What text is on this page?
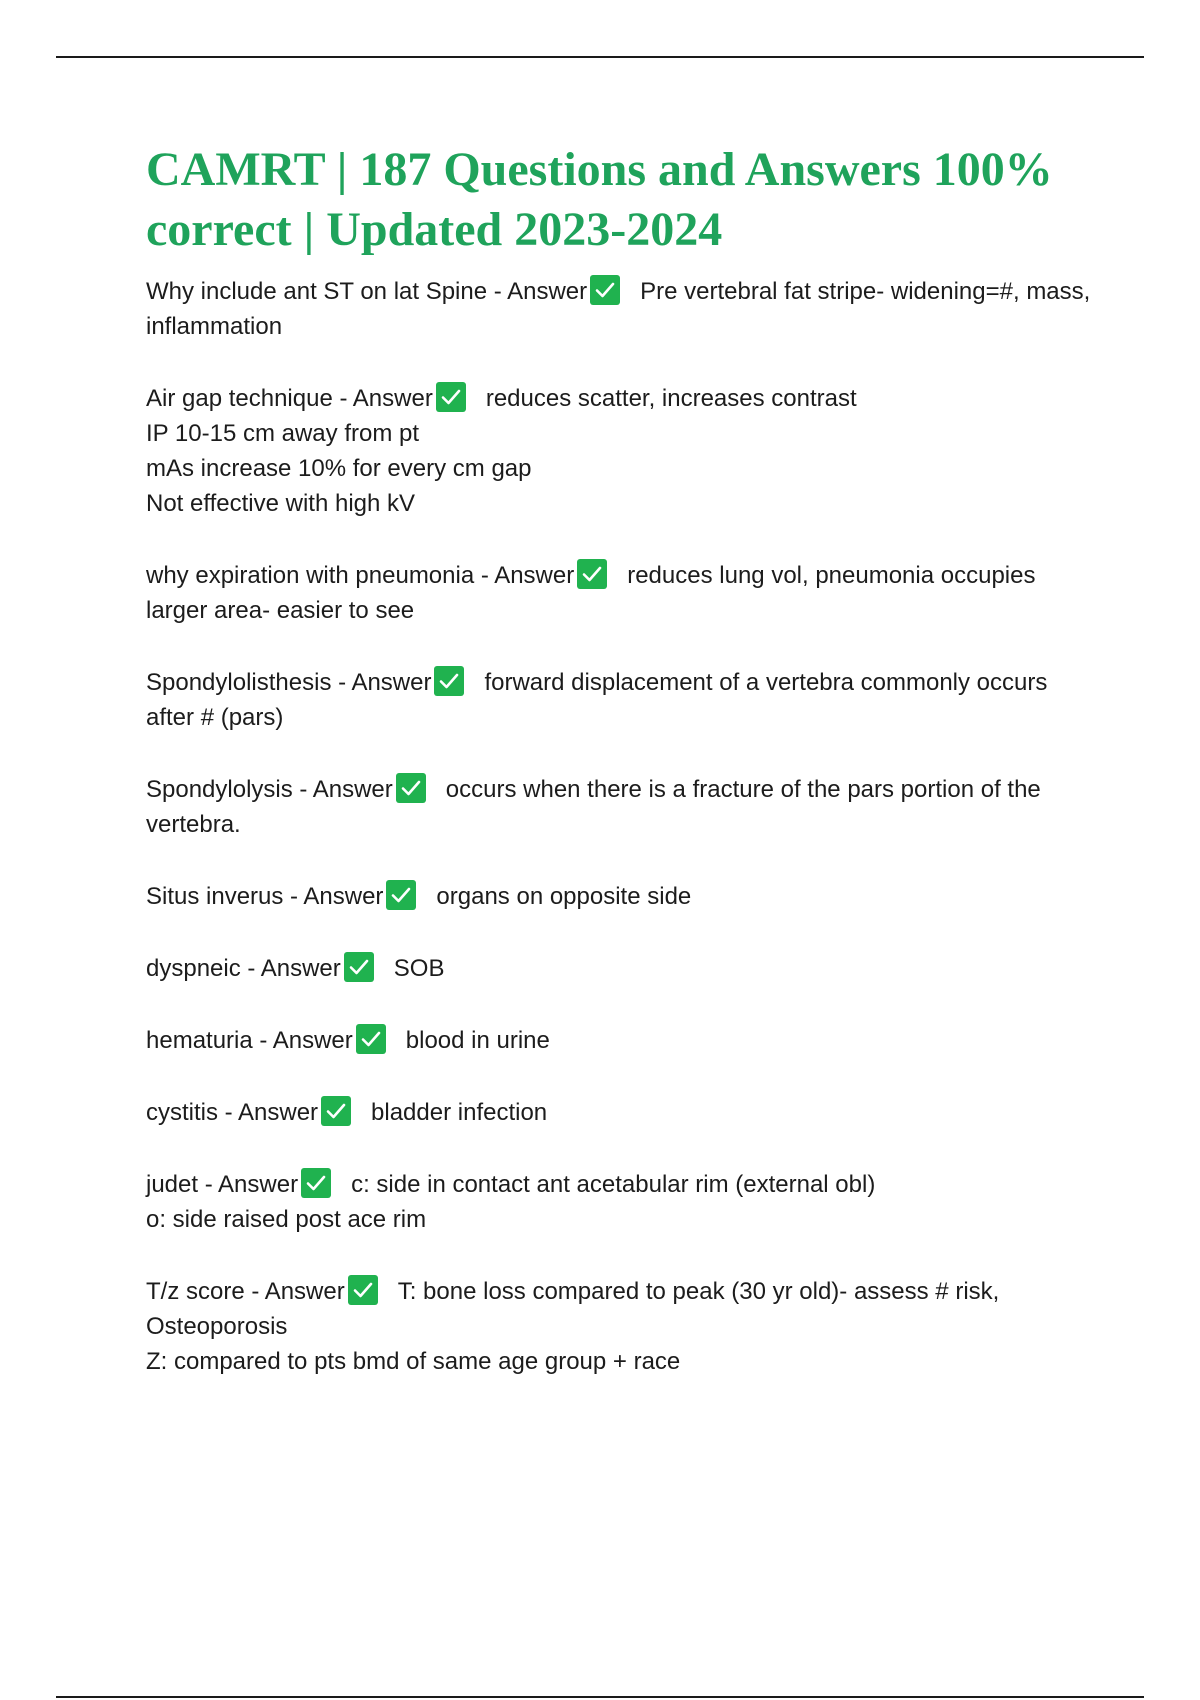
CAMRT | 187 Questions and Answers 100% correct | Updated 2023-2024
Why include ant ST on lat Spine - Answer Pre vertebral fat stripe- widening=#, mass, inflammation
Air gap technique - Answer reduces scatter, increases contrast
IP 10-15 cm away from pt
mAs increase 10% for every cm gap
Not effective with high kV
why expiration with pneumonia - Answer reduces lung vol, pneumonia occupies larger area- easier to see
Spondylolisthesis - Answer forward displacement of a vertebra commonly occurs after # (pars)
Spondylolysis - Answer occurs when there is a fracture of the pars portion of the vertebra.
Situs inverus - Answer organs on opposite side
dyspneic - Answer SOB
hematuria - Answer blood in urine
cystitis - Answer bladder infection
judet - Answer c: side in contact ant acetabular rim (external obl)
o: side raised post ace rim
T/z score - Answer T: bone loss compared to peak (30 yr old)- assess # risk, Osteoporosis
Z: compared to pts bmd of same age group + race
